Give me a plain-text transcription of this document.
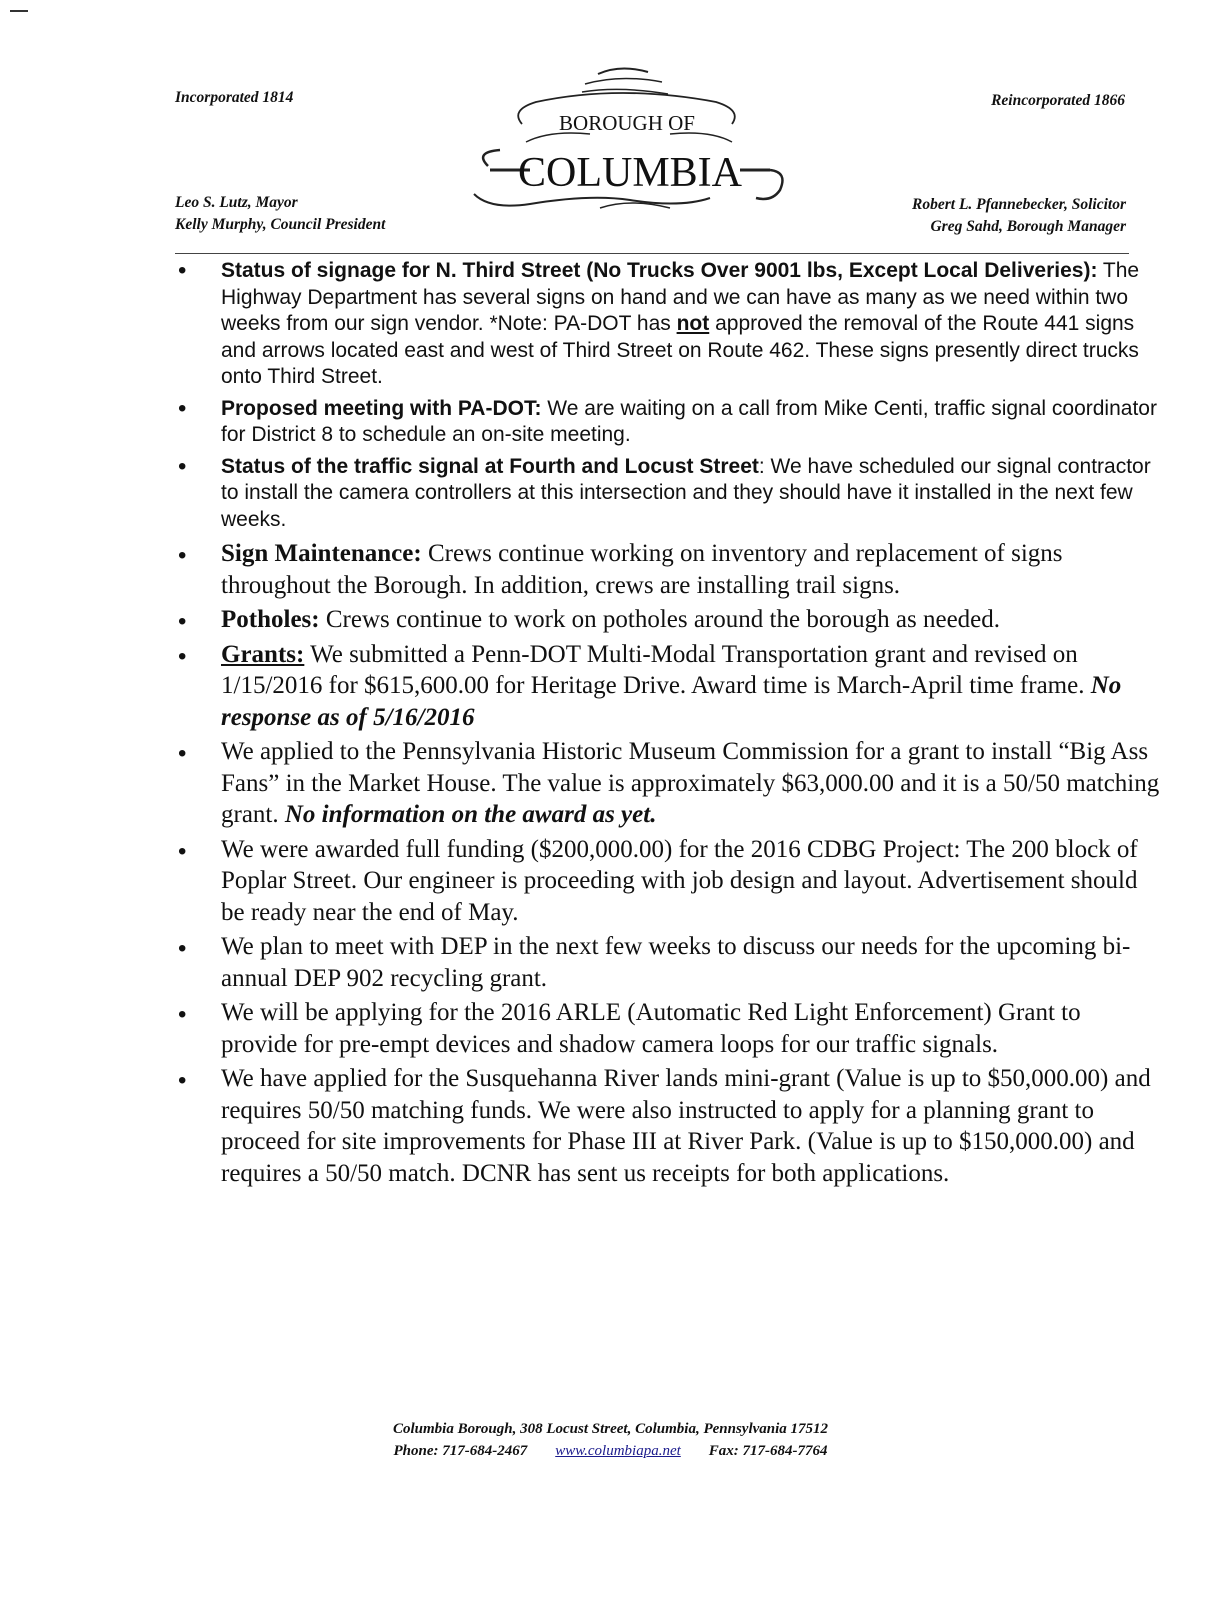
Incorporated 1814	Reincorporated 1866
BOROUGH OF
COLUMBIA
Leo S. Lutz, Mayor
Kelly Murphy, Council President
Robert L. Pfannebecker, Solicitor
Greg Sahd, Borough Manager
• Status of signage for N. Third Street (No Trucks Over 9001 lbs, Except Local Deliveries): The Highway Department has several signs on hand and we can have as many as we need within two weeks from our sign vendor. *Note: PA-DOT has not approved the removal of the Route 441 signs and arrows located east and west of Third Street on Route 462. These signs presently direct trucks onto Third Street.
• Proposed meeting with PA-DOT: We are waiting on a call from Mike Centi, traffic signal coordinator for District 8 to schedule an on-site meeting.
• Status of the traffic signal at Fourth and Locust Street: We have scheduled our signal contractor to install the camera controllers at this intersection and they should have it installed in the next few weeks.
• Sign Maintenance: Crews continue working on inventory and replacement of signs throughout the Borough. In addition, crews are installing trail signs.
• Potholes: Crews continue to work on potholes around the borough as needed.
• Grants: We submitted a Penn-DOT Multi-Modal Transportation grant and revised on 1/15/2016 for $615,600.00 for Heritage Drive. Award time is March-April time frame. No response as of 5/16/2016
• We applied to the Pennsylvania Historic Museum Commission for a grant to install “Big Ass Fans” in the Market House. The value is approximately $63,000.00 and it is a 50/50 matching grant. No information on the award as yet.
• We were awarded full funding ($200,000.00) for the 2016 CDBG Project: The 200 block of Poplar Street. Our engineer is proceeding with job design and layout. Advertisement should be ready near the end of May.
• We plan to meet with DEP in the next few weeks to discuss our needs for the upcoming bi-annual DEP 902 recycling grant.
• We will be applying for the 2016 ARLE (Automatic Red Light Enforcement) Grant to provide for pre-empt devices and shadow camera loops for our traffic signals.
• We have applied for the Susquehanna River lands mini-grant (Value is up to $50,000.00) and requires 50/50 matching funds. We were also instructed to apply for a planning grant to proceed for site improvements for Phase III at River Park. (Value is up to $150,000.00) and requires a 50/50 match. DCNR has sent us receipts for both applications.
Columbia Borough, 308 Locust Street, Columbia, Pennsylvania 17512
Phone: 717-684-2467 www.columbiapa.net Fax: 717-684-7764
